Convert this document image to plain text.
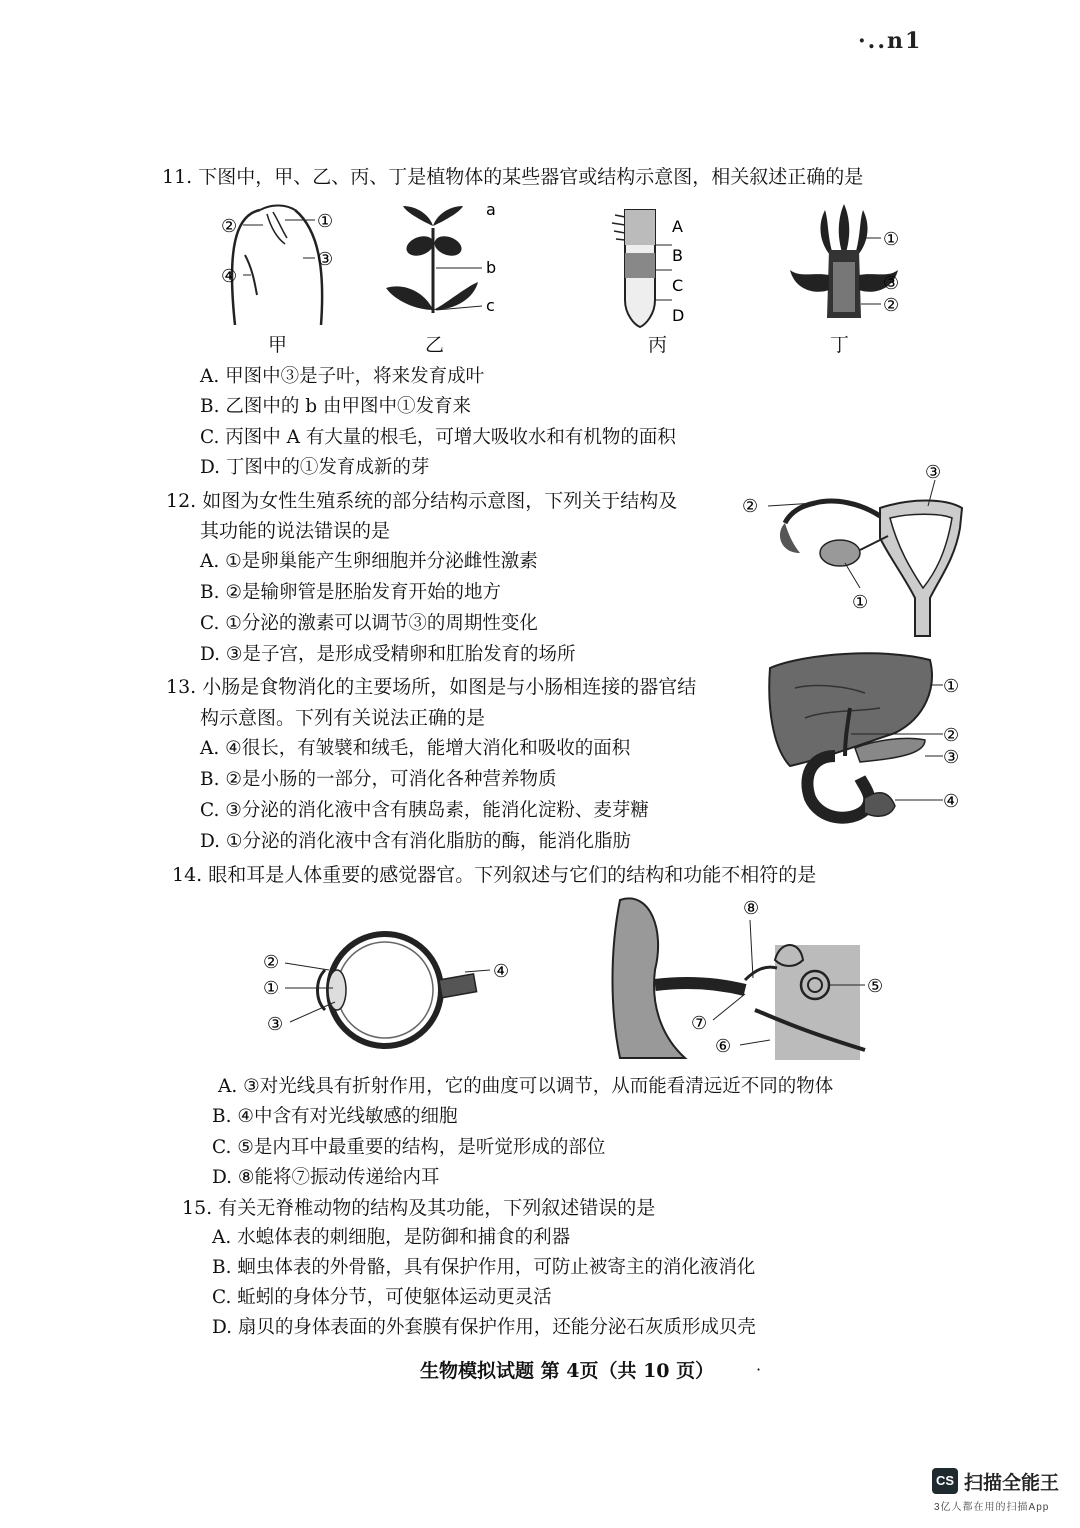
·..n1
11. 下图中，甲、乙、丙、丁是植物体的某些器官或结构示意图，相关叙述正确的是
②	①
③
④
甲
a
b
c
乙
A
B
C
D
丙
①
③
②
丁
A. 甲图中③是子叶，将来发育成叶
B. 乙图中的 b 由甲图中①发育来
C. 丙图中 A 有大量的根毛，可增大吸收水和有机物的面积
D. 丁图中的①发育成新的芽
12. 如图为女性生殖系统的部分结构示意图，下列关于结构及
其功能的说法错误的是
③
②
①
A. ①是卵巢能产生卵细胞并分泌雌性激素
B. ②是输卵管是胚胎发育开始的地方
C. ①分泌的激素可以调节③的周期性变化
D. ③是子宫，是形成受精卵和肛胎发育的场所
13. 小肠是食物消化的主要场所，如图是与小肠相连接的器官结
构示意图。下列有关说法正确的是
①
②
③
④
A. ④很长，有皱襞和绒毛，能增大消化和吸收的面积
B. ②是小肠的一部分，可消化各种营养物质
C. ③分泌的消化液中含有胰岛素，能消化淀粉、麦芽糖
D. ①分泌的消化液中含有消化脂肪的酶，能消化脂肪
14. 眼和耳是人体重要的感觉器官。下列叙述与它们的结构和功能不相符的是
②
①
③
④
⑧
⑤
⑦
⑥
A. ③对光线具有折射作用，它的曲度可以调节，从而能看清远近不同的物体
B. ④中含有对光线敏感的细胞
C. ⑤是内耳中最重要的结构，是听觉形成的部位
D. ⑧能将⑦振动传递给内耳
15. 有关无脊椎动物的结构及其功能，下列叙述错误的是
A. 水螅体表的刺细胞，是防御和捕食的利器
B. 蛔虫体表的外骨骼，具有保护作用，可防止被寄主的消化液消化
C. 蚯蚓的身体分节，可使躯体运动更灵活
D. 扇贝的身体表面的外套膜有保护作用，还能分泌石灰质形成贝壳
生物模拟试题 第 4页（共 10 页）	·
CS 扫描全能王
3亿人都在用的扫描App
